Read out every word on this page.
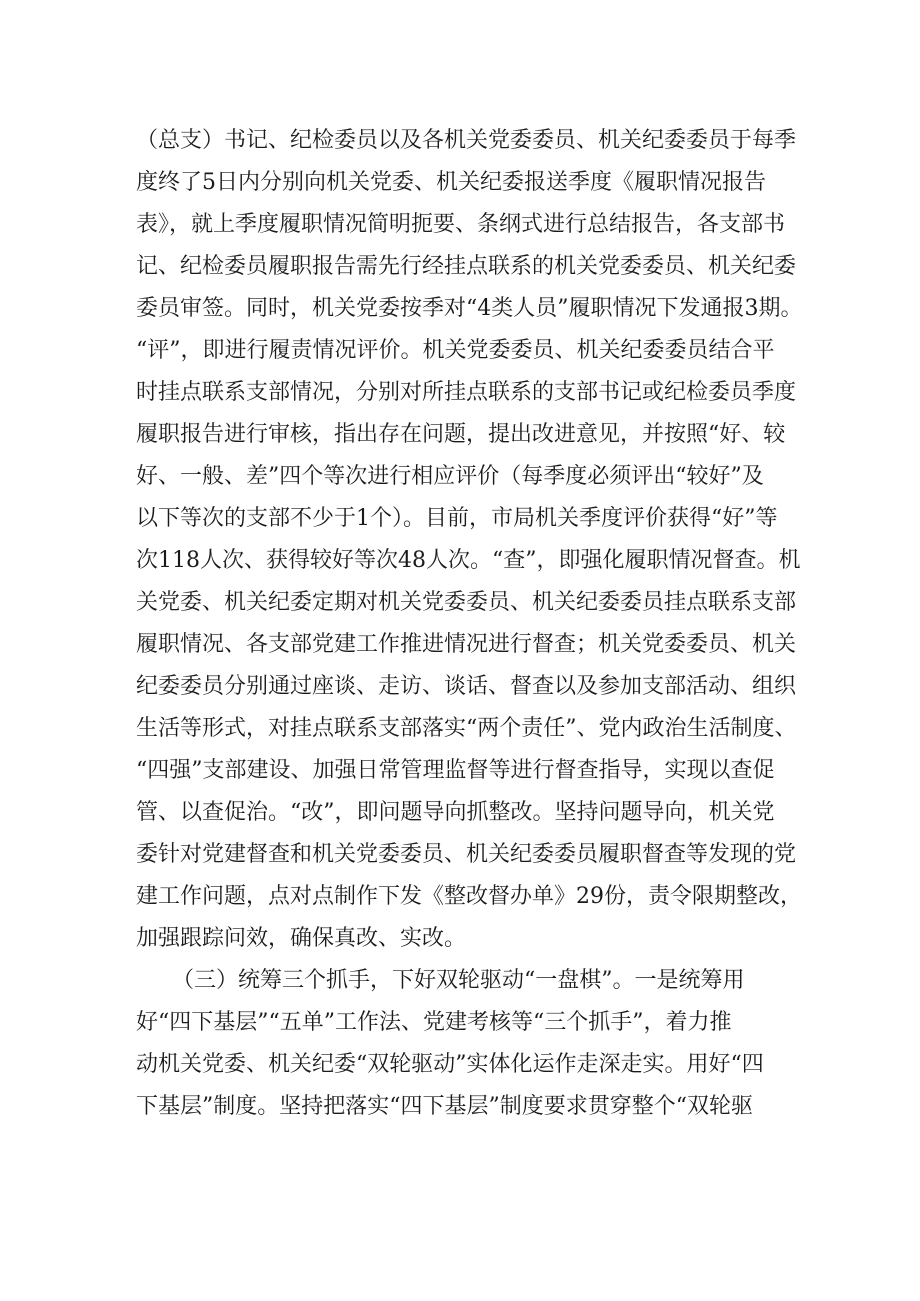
（总支）书记、纪检委员以及各机关党委委员、机关纪委委员于每季
度终了5日内分别向机关党委、机关纪委报送季度《履职情况报告
表》，就上季度履职情况简明扼要、条纲式进行总结报告，各支部书
记、纪检委员履职报告需先行经挂点联系的机关党委委员、机关纪委
委员审签。同时，机关党委按季对“4类人员”履职情况下发通报3期。
“评”，即进行履责情况评价。机关党委委员、机关纪委委员结合平
时挂点联系支部情况，分别对所挂点联系的支部书记或纪检委员季度
履职报告进行审核，指出存在问题，提出改进意见，并按照“好、较
好、一般、差”四个等次进行相应评价（每季度必须评出“较好”及
以下等次的支部不少于1个）。目前，市局机关季度评价获得“好”等
次118人次、获得较好等次48人次。“查”，即强化履职情况督查。机
关党委、机关纪委定期对机关党委委员、机关纪委委员挂点联系支部
履职情况、各支部党建工作推进情况进行督查；机关党委委员、机关
纪委委员分别通过座谈、走访、谈话、督查以及参加支部活动、组织
生活等形式，对挂点联系支部落实“两个责任”、党内政治生活制度、
“四强”支部建设、加强日常管理监督等进行督查指导，实现以查促
管、以查促治。“改”，即问题导向抓整改。坚持问题导向，机关党
委针对党建督查和机关党委委员、机关纪委委员履职督查等发现的党
建工作问题，点对点制作下发《整改督办单》29份，责令限期整改，
加强跟踪问效，确保真改、实改。
（三）统筹三个抓手，下好双轮驱动“一盘棋”。一是统筹用
好“四下基层”“五单”工作法、党建考核等“三个抓手”，着力推
动机关党委、机关纪委“双轮驱动”实体化运作走深走实。用好“四
下基层”制度。坚持把落实“四下基层”制度要求贯穿整个“双轮驱
